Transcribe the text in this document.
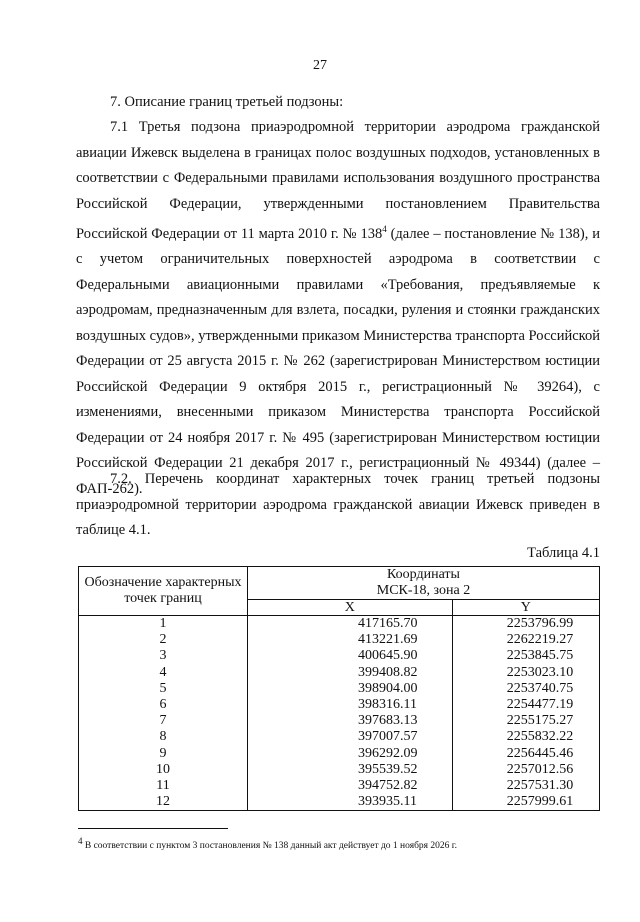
27
7. Описание границ третьей подзоны:
7.1 Третья подзона приаэродромной территории аэродрома гражданской авиации Ижевск выделена в границах полос воздушных подходов, установленных в соответствии с Федеральными правилами использования воздушного пространства Российской Федерации, утвержденными постановлением Правительства Российской Федерации от 11 марта 2010 г. № $138^4$ (далее – постановление № 138), и с учетом ограничительных поверхностей аэродрома в соответствии с Федеральными авиационными правилами «Требования, предъявляемые к аэродромам, предназначенным для взлета, посадки, руления и стоянки гражданских воздушных судов», утвержденными приказом Министерства транспорта Российской Федерации от 25 августа 2015 г. № 262 (зарегистрирован Министерством юстиции Российской Федерации 9 октября 2015 г., регистрационный № 39264), с изменениями, внесенными приказом Министерства транспорта Российской Федерации от 24 ноября 2017 г. № 495 (зарегистрирован Министерством юстиции Российской Федерации 21 декабря 2017 г., регистрационный № 49344) (далее – ФАП-262).
7.2. Перечень координат характерных точек границ третьей подзоны приаэродромной территории аэродрома гражданской авиации Ижевск приведен в таблице 4.1.
Таблица 4.1
Обозначение характерных точек границ	Координаты
МСК-18, зона 2	

	X	Y
1	417165.70	2253796.99
2	413221.69	2262219.27
3	400645.90	2253845.75
4	399408.82	2253023.10
5	398904.00	2253740.75
6	398316.11	2254477.19
7	397683.13	2255175.27
8	397007.57	2255832.22
9	396292.09	2256445.46
10	395539.52	2257012.56
11	394752.82	2257531.30
12	393935.11	2257999.61
$^4$ В соответствии с пунктом 3 постановления № 138 данный акт действует до 1 ноября 2026 г.
